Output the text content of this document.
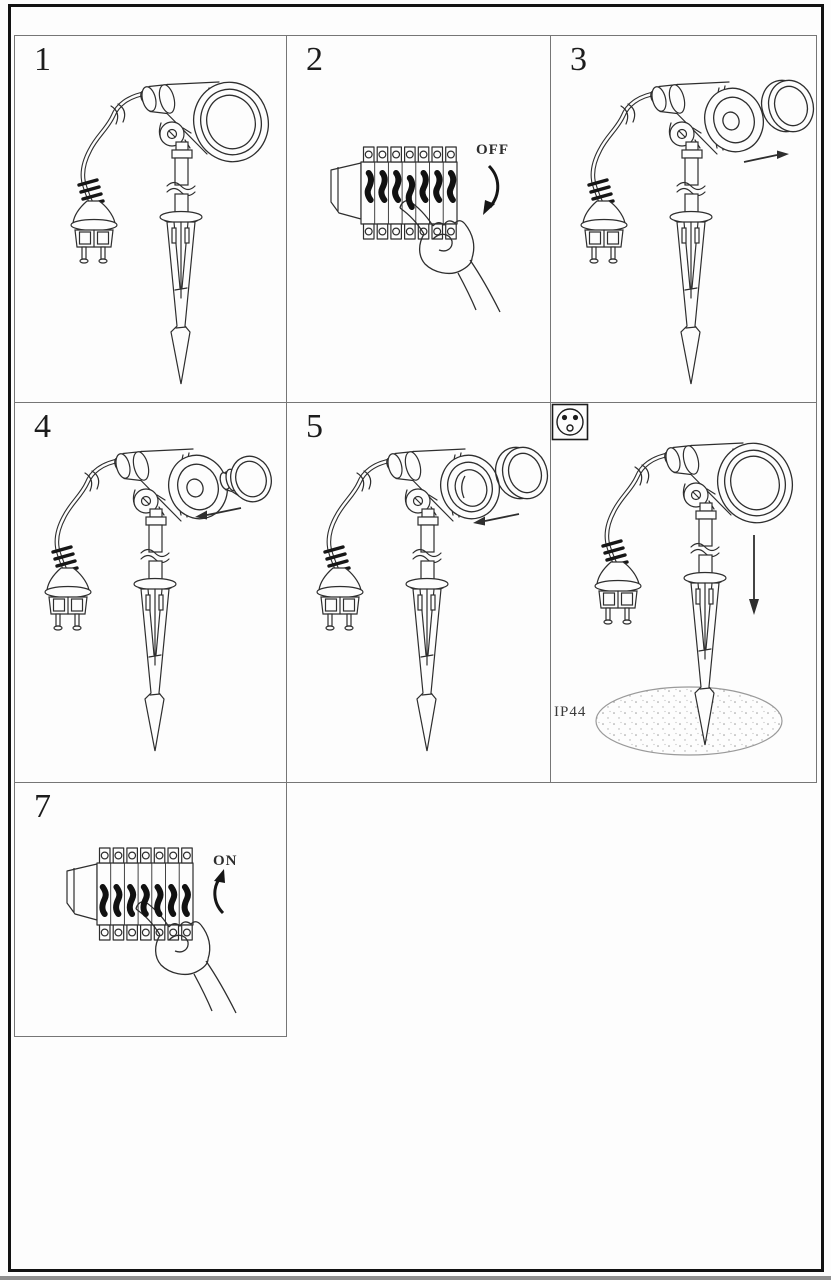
1	2
OFF
3
4	5
IP44
7
ON
